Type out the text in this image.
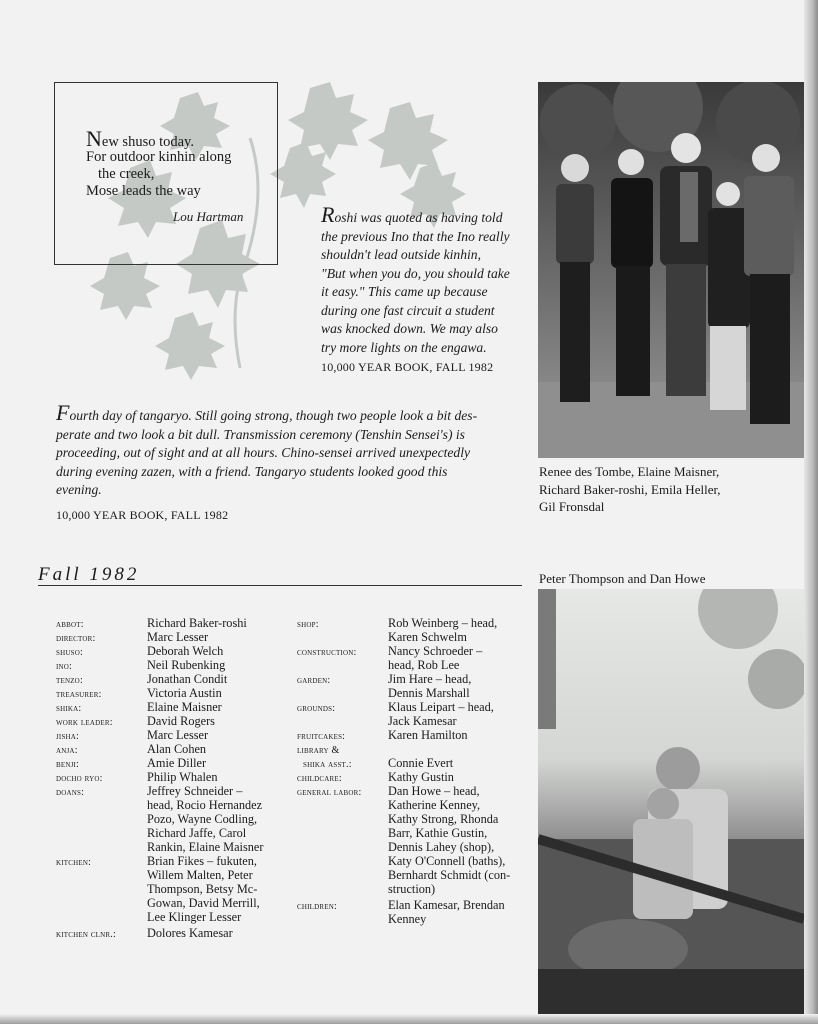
New shuso today.
For outdoor kinhin along
the creek,
Mose leads the way
Lou Hartman	Roshi was quoted as having told
the previous Ino that the Ino really
shouldn't lead outside kinhin,
"But when you do, you should take
it easy." This came up because
during one fast circuit a student
was knocked down. We may also
try more lights on the engawa.
10,000 YEAR BOOK, FALL 1982
Fourth day of tangaryo. Still going strong, though two people look a bit des-
perate and two look a bit dull. Transmission ceremony (Tenshin Sensei's) is
proceeding, out of sight and at all hours. Chino-sensei arrived unexpectedly
during evening zazen, with a friend. Tangaryo students looked good this
evening.
10,000 YEAR BOOK, FALL 1982
Renee des Tombe, Elaine Maisner,
Richard Baker-roshi, Emila Heller,
Gil Fronsdal
Peter Thompson and Dan Howe
Fall 1982
abbot:	Richard Baker-roshi
director:	Marc Lesser
shuso:	Deborah Welch
ino:	Neil Rubenking
tenzo:	Jonathan Condit
treasurer:	Victoria Austin
shika:	Elaine Maisner
work leader:	David Rogers
jisha:	Marc Lesser
anja:	Alan Cohen
benji:	Amie Diller
docho ryo:	Philip Whalen
doans:	Jeffrey Schneider –
head, Rocio Hernandez
Pozo, Wayne Codling,
Richard Jaffe, Carol
Rankin, Elaine Maisner
kitchen:	Brian Fikes – fukuten,
Willem Malten, Peter
Thompson, Betsy Mc-
Gowan, David Merrill,
Lee Klinger Lesser
kitchen clnr.:	Dolores Kamesar
shop:	Rob Weinberg – head,
Karen Schwelm
construction:	Nancy Schroeder –
head, Rob Lee
garden:	Jim Hare – head,
Dennis Marshall
grounds:	Klaus Leipart – head,
Jack Kamesar
fruitcakes:	Karen Hamilton
library &
shika asst.:	Connie Evert
childcare:	Kathy Gustin
general labor: Dan Howe – head,
Katherine Kenney,
Kathy Strong, Rhonda
Barr, Kathie Gustin,
Dennis Lahey (shop),
Katy O'Connell (baths),
Bernhardt Schmidt (con-
struction)
children:	Elan Kamesar, Brendan
Kenney
